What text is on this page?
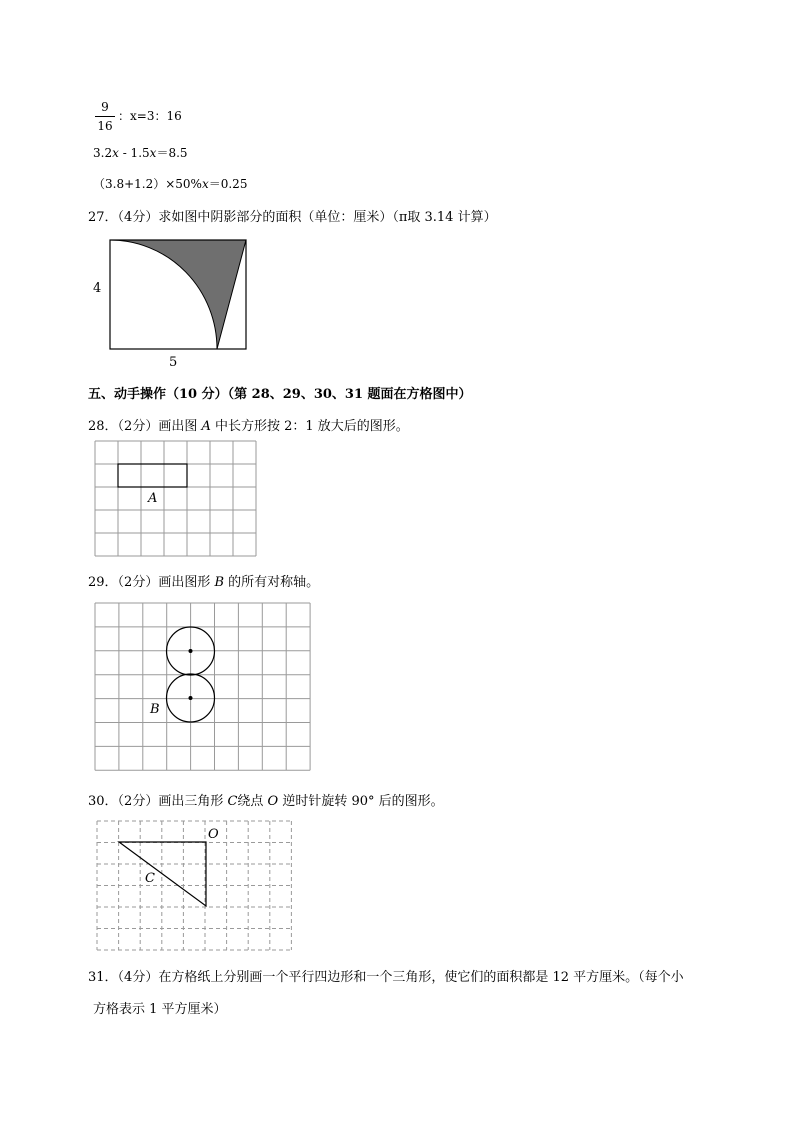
9
16
：x=3：16
3.2x - 1.5x＝8.5
（3.8+1.2）×50%x＝0.25
27．（4分）求如图中阴影部分的面积（单位：厘米）（π取 3.14 计算）
4
5
五、动手操作（10 分）（第 28、29、30、31 题面在方格图中）
28．（2分）画出图 A 中长方形按 2：1 放大后的图形。
A
29．（2分）画出图形 B 的所有对称轴。
B
30．（2分）画出三角形 C绕点 O 逆时针旋转 90° 后的图形。
O
C
31．（4分）在方格纸上分别画一个平行四边形和一个三角形，使它们的面积都是 12 平方厘米。（每个小
方格表示 1 平方厘米）
